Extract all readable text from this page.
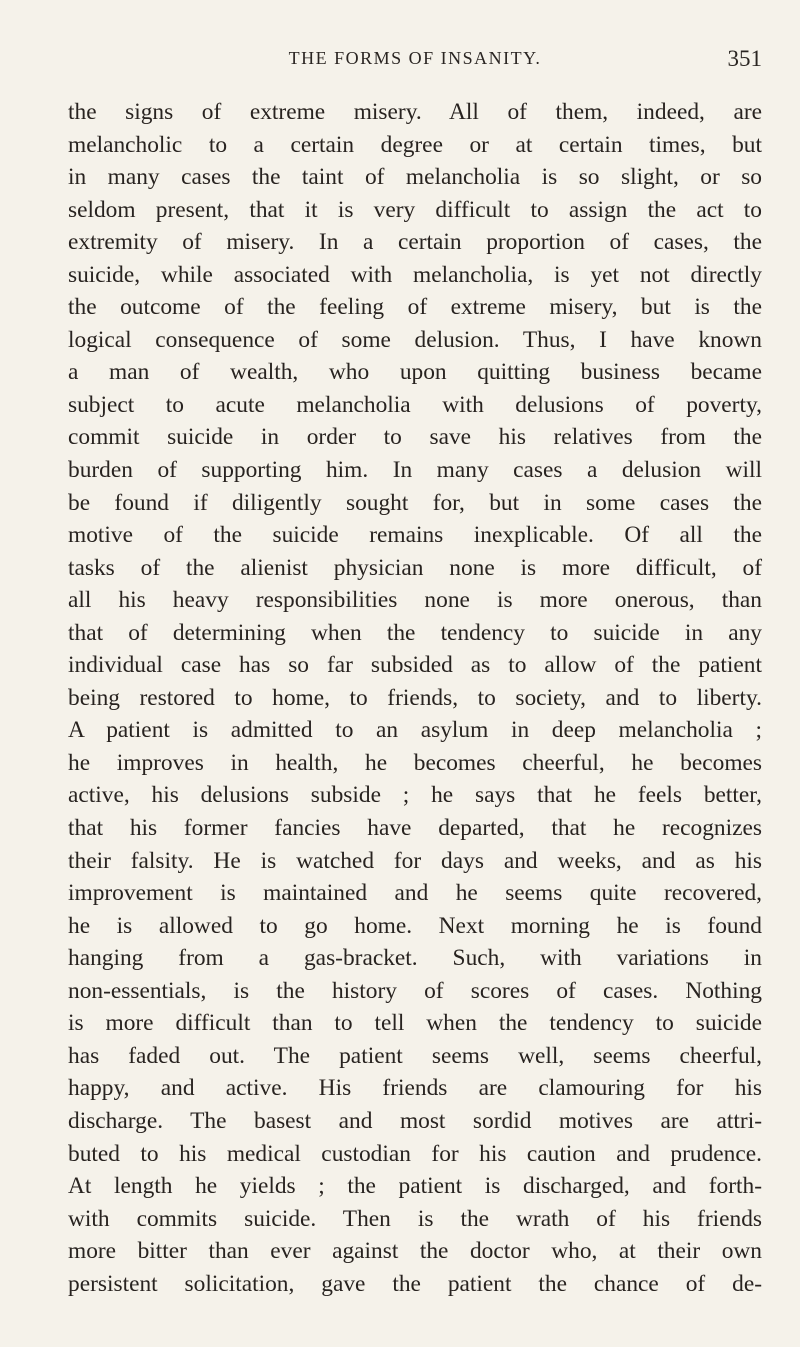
THE FORMS OF INSANITY.	351
the signs of extreme misery. All of them, indeed, are
melancholic to a certain degree or at certain times, but
in many cases the taint of melancholia is so slight, or so
seldom present, that it is very difficult to assign the act to
extremity of misery. In a certain proportion of cases, the
suicide, while associated with melancholia, is yet not directly
the outcome of the feeling of extreme misery, but is the
logical consequence of some delusion. Thus, I have known
a man of wealth, who upon quitting business became
subject to acute melancholia with delusions of poverty,
commit suicide in order to save his relatives from the
burden of supporting him. In many cases a delusion will
be found if diligently sought for, but in some cases the
motive of the suicide remains inexplicable. Of all the
tasks of the alienist physician none is more difficult, of
all his heavy responsibilities none is more onerous, than
that of determining when the tendency to suicide in any
individual case has so far subsided as to allow of the patient
being restored to home, to friends, to society, and to liberty.
A patient is admitted to an asylum in deep melancholia ;
he improves in health, he becomes cheerful, he becomes
active, his delusions subside ; he says that he feels better,
that his former fancies have departed, that he recognizes
their falsity. He is watched for days and weeks, and as his
improvement is maintained and he seems quite recovered,
he is allowed to go home. Next morning he is found
hanging from a gas-bracket. Such, with variations in
non-essentials, is the history of scores of cases. Nothing
is more difficult than to tell when the tendency to suicide
has faded out. The patient seems well, seems cheerful,
happy, and active. His friends are clamouring for his
discharge. The basest and most sordid motives are attri-
buted to his medical custodian for his caution and prudence.
At length he yields ; the patient is discharged, and forth-
with commits suicide. Then is the wrath of his friends
more bitter than ever against the doctor who, at their own
persistent solicitation, gave the patient the chance of de-
